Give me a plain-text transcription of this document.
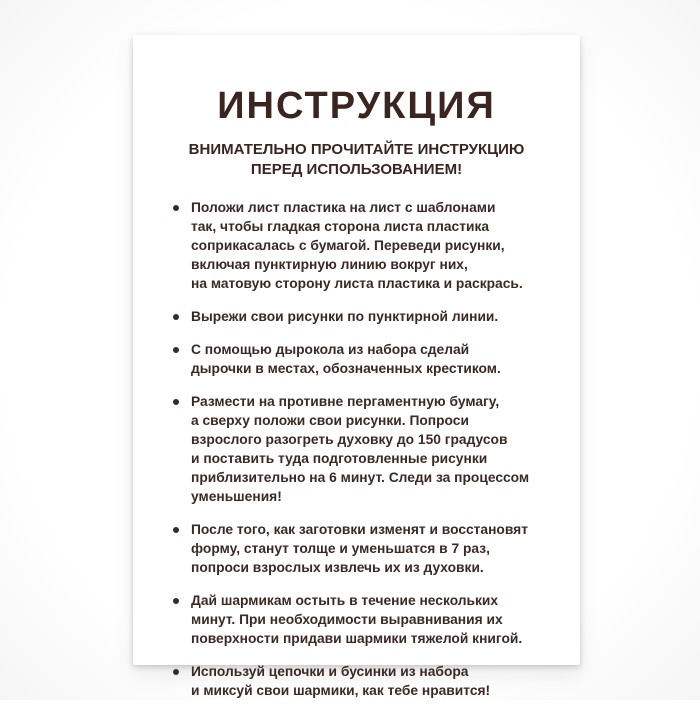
ИНСТРУКЦИЯ
ВНИМАТЕЛЬНО ПРОЧИТАЙТЕ ИНСТРУКЦИЮ
ПЕРЕД ИСПОЛЬЗОВАНИЕМ!
Положи лист пластика на лист с шаблонами
так, чтобы гладкая сторона листа пластика
соприкасалась с бумагой. Переведи рисунки,
включая пунктирную линию вокруг них,
на матовую сторону листа пластика и раскрась.
Вырежи свои рисунки по пунктирной линии.
С помощью дырокола из набора сделай
дырочки в местах, обозначенных крестиком.
Размести на противне пергаментную бумагу,
а сверху положи свои рисунки. Попроси
взрослого разогреть духовку до 150 градусов
и поставить туда подготовленные рисунки
приблизительно на 6 минут. Следи за процессом
уменьшения!
После того, как заготовки изменят и восстановят
форму, станут толще и уменьшатся в 7 раз,
попроси взрослых извлечь их из духовки.
Дай шармикам остыть в течение нескольких
минут. При необходимости выравнивания их
поверхности придави шармики тяжелой книгой.
Используй цепочки и бусинки из набора
и миксуй свои шармики, как тебе нравится!
